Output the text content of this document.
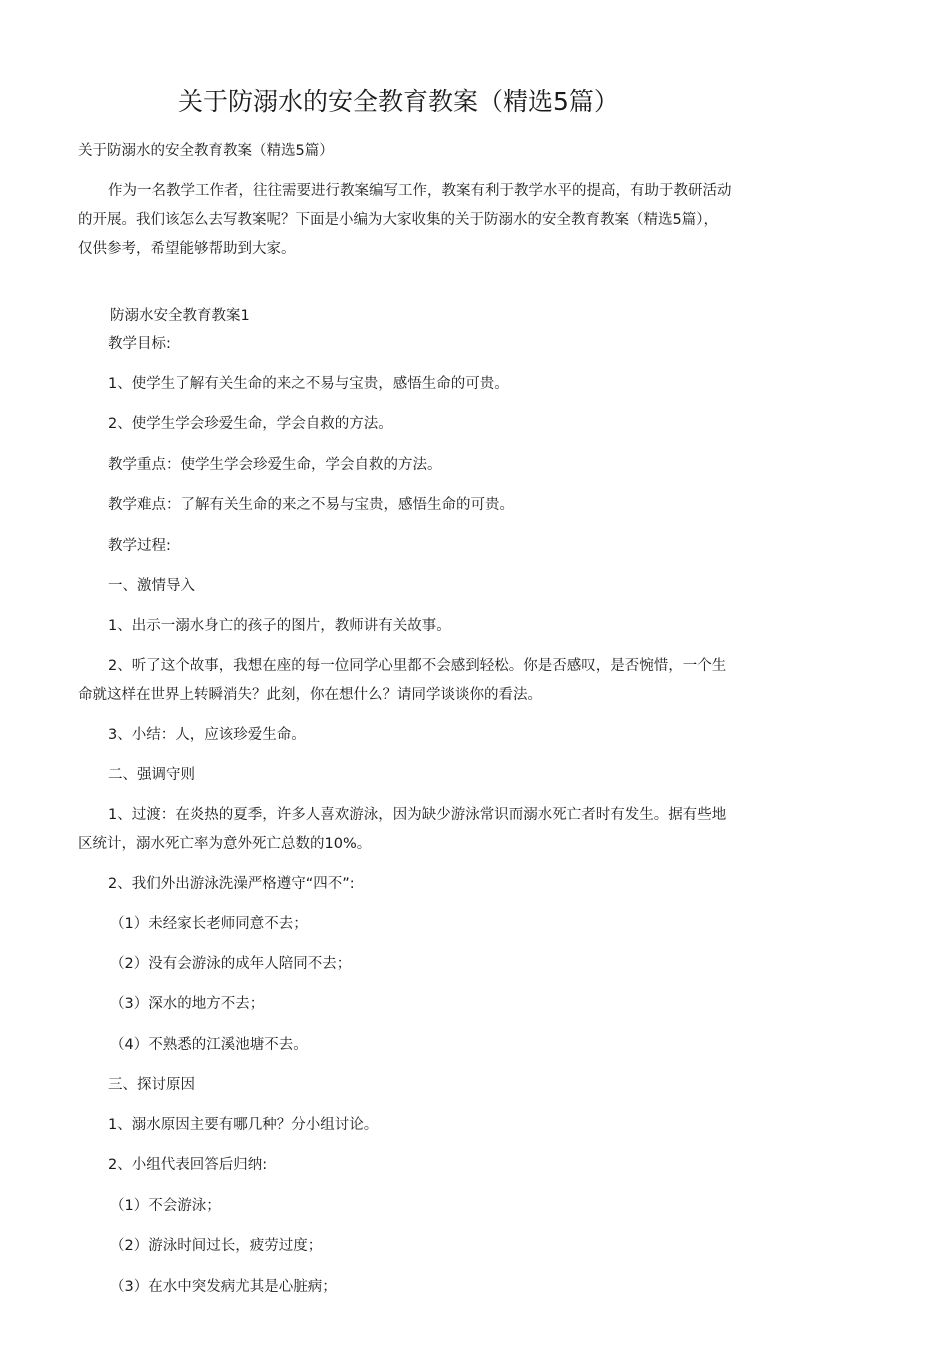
关于防溺水的安全教育教案（精选5篇）
关于防溺水的安全教育教案（精选5篇）
作为一名教学工作者，往往需要进行教案编写工作，教案有利于教学水平的提高，有助于教研活动
的开展。我们该怎么去写教案呢？下面是小编为大家收集的关于防溺水的安全教育教案（精选5篇），
仅供参考，希望能够帮助到大家。
防溺水安全教育教案1
教学目标:
1、使学生了解有关生命的来之不易与宝贵，感悟生命的可贵。
2、使学生学会珍爱生命，学会自救的方法。
教学重点：使学生学会珍爱生命，学会自救的方法。
教学难点：了解有关生命的来之不易与宝贵，感悟生命的可贵。
教学过程:
一、激情导入
1、出示一溺水身亡的孩子的图片，教师讲有关故事。
2、听了这个故事，我想在座的每一位同学心里都不会感到轻松。你是否感叹，是否惋惜，一个生
命就这样在世界上转瞬消失？此刻，你在想什么？请同学谈谈你的看法。
3、小结：人，应该珍爱生命。
二、强调守则
1、过渡：在炎热的夏季，许多人喜欢游泳，因为缺少游泳常识而溺水死亡者时有发生。据有些地
区统计，溺水死亡率为意外死亡总数的10%。
2、我们外出游泳洗澡严格遵守“四不”:
（1）未经家长老师同意不去；
（2）没有会游泳的成年人陪同不去；
（3）深水的地方不去；
（4）不熟悉的江溪池塘不去。
三、探讨原因
1、溺水原因主要有哪几种？分小组讨论。
2、小组代表回答后归纳:
（1）不会游泳；
（2）游泳时间过长，疲劳过度；
（3）在水中突发病尤其是心脏病；
